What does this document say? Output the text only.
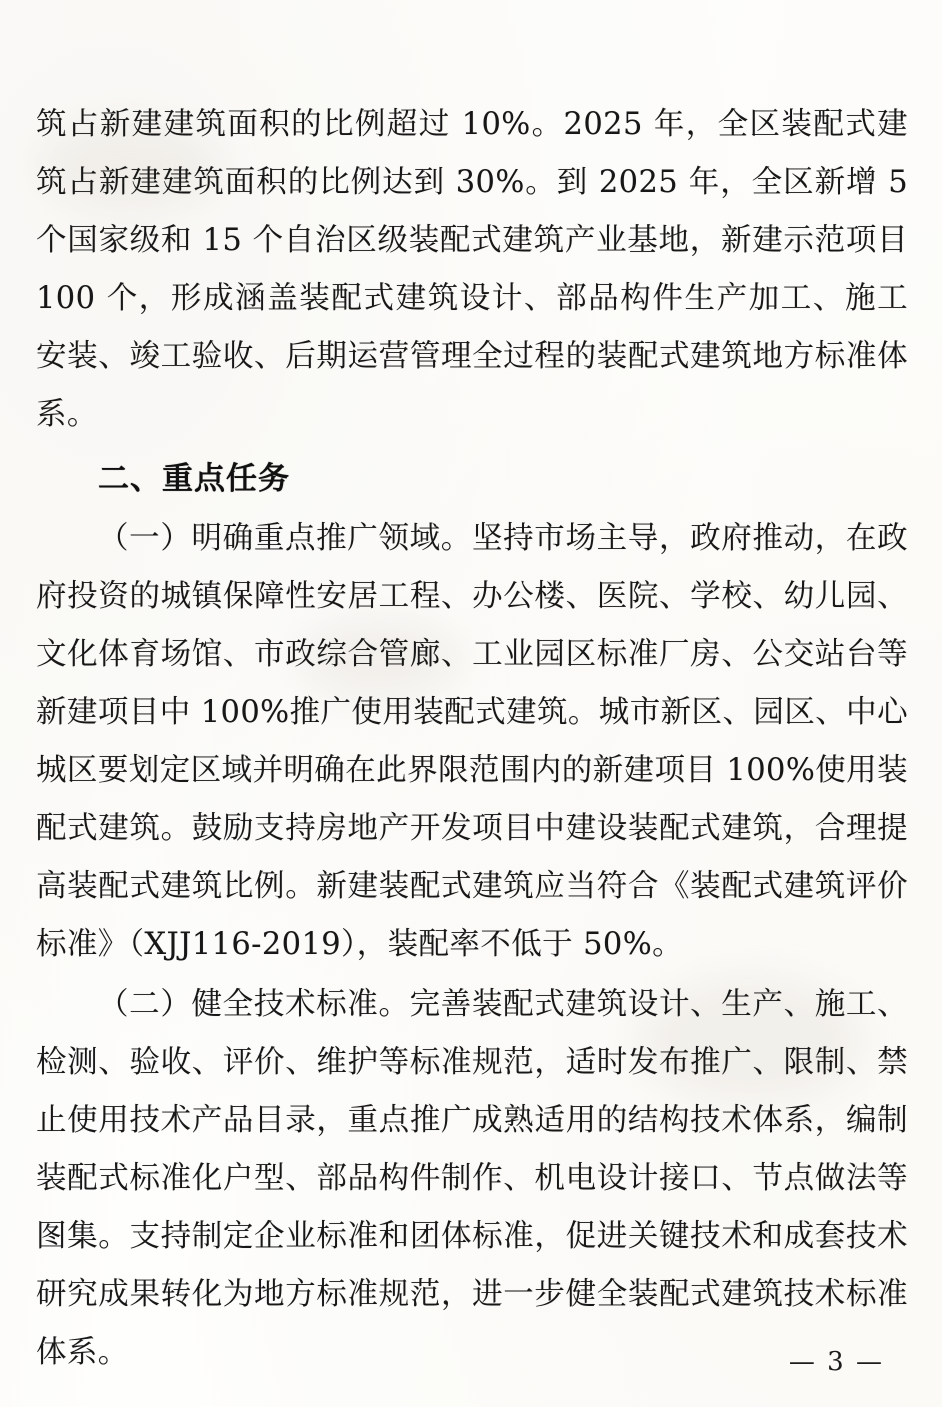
筑占新建建筑面积的比例超过 10%。2025 年，全区装配式建筑占新建建筑面积的比例达到 30%。到 2025 年，全区新增 5 个国家级和 15 个自治区级装配式建筑产业基地，新建示范项目 100 个，形成涵盖装配式建筑设计、部品构件生产加工、施工安装、竣工验收、后期运营管理全过程的装配式建筑地方标准体系。

二、重点任务

（一）明确重点推广领域。坚持市场主导，政府推动，在政府投资的城镇保障性安居工程、办公楼、医院、学校、幼儿园、文化体育场馆、市政综合管廊、工业园区标准厂房、公交站台等新建项目中 100%推广使用装配式建筑。城市新区、园区、中心城区要划定区域并明确在此界限范围内的新建项目 100%使用装配式建筑。鼓励支持房地产开发项目中建设装配式建筑，合理提高装配式建筑比例。新建装配式建筑应当符合《装配式建筑评价标准》（XJJ116-2019），装配率不低于 50%。

（二）健全技术标准。完善装配式建筑设计、生产、施工、检测、验收、评价、维护等标准规范，适时发布推广、限制、禁止使用技术产品目录，重点推广成熟适用的结构技术体系，编制装配式标准化户型、部品构件制作、机电设计接口、节点做法等图集。支持制定企业标准和团体标准，促进关键技术和成套技术研究成果转化为地方标准规范，进一步健全装配式建筑技术标准体系。	— 3 —
